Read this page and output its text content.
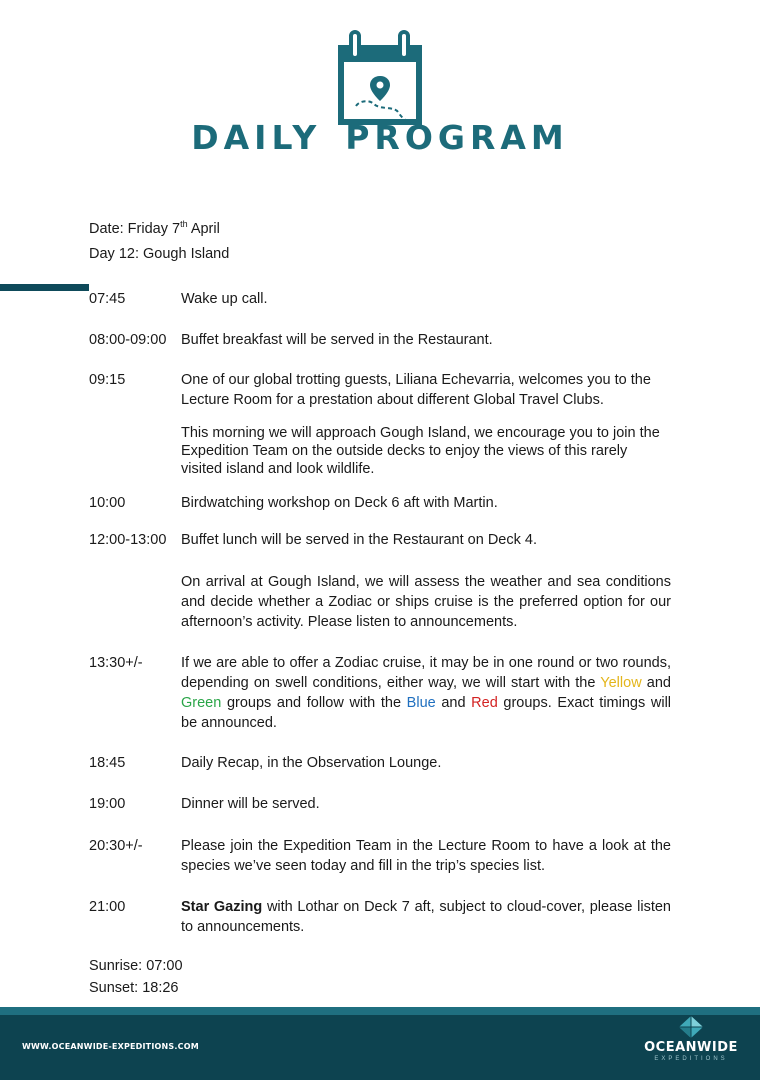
DAILY PROGRAM
Date: Friday 7th April
Day 12: Gough Island
07:45	Wake up call.
08:00-09:00	Buffet breakfast will be served in the Restaurant.
09:15	One of our global trotting guests, Liliana Echevarria, welcomes you to the Lecture Room for a prestation about different Global Travel Clubs.
This morning we will approach Gough Island, we encourage you to join the Expedition Team on the outside decks to enjoy the views of this rarely visited island and look wildlife.
10:00	Birdwatching workshop on Deck 6 aft with Martin.
12:00-13:00	Buffet lunch will be served in the Restaurant on Deck 4.
On arrival at Gough Island, we will assess the weather and sea conditions and decide whether a Zodiac or ships cruise is the preferred option for our afternoon’s activity. Please listen to announcements.
13:30+/-	If we are able to offer a Zodiac cruise, it may be in one round or two rounds, depending on swell conditions, either way, we will start with the Yellow and Green groups and follow with the Blue and Red groups. Exact timings will be announced.
18:45	Daily Recap, in the Observation Lounge.
19:00	Dinner will be served.
20:30+/-	Please join the Expedition Team in the Lecture Room to have a look at the species we’ve seen today and fill in the trip’s species list.
21:00	Star Gazing with Lothar on Deck 7 aft, subject to cloud-cover, please listen to announcements.
Sunrise: 07:00
Sunset: 18:26
WWW.OCEANWIDE-EXPEDITIONS.COM	OCEANWIDE
EXPEDITIONS
